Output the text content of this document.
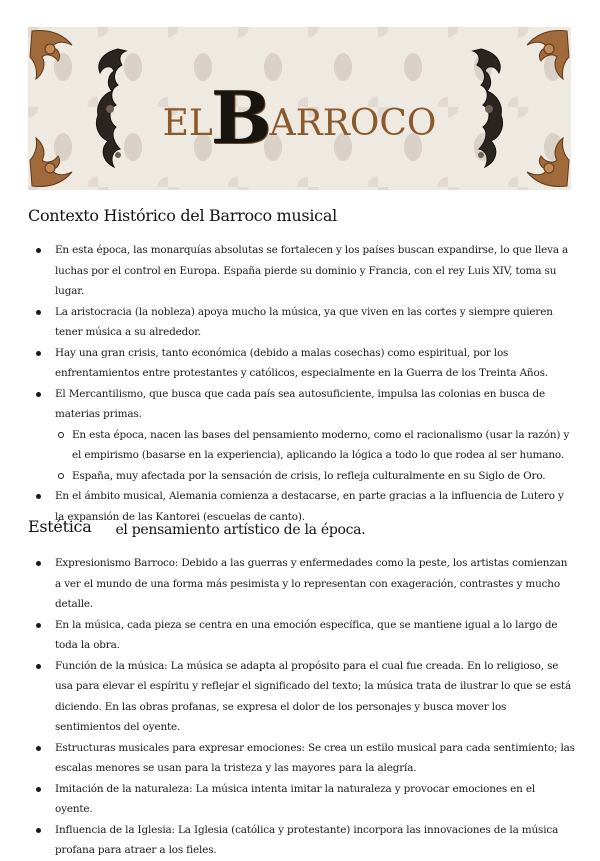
ELBARROCO
Contexto Histórico del Barroco musical
En esta época, las monarquías absolutas se fortalecen y los países buscan expandirse, lo que lleva a luchas por el control en Europa. España pierde su dominio y Francia, con el rey Luis XIV, toma su lugar.
La aristocracia (la nobleza) apoya mucho la música, ya que viven en las cortes y siempre quieren tener música a su alrededor.
Hay una gran crisis, tanto económica (debido a malas cosechas) como espiritual, por los enfrentamientos entre protestantes y católicos, especialmente en la Guerra de los Treinta Años.
El Mercantilismo, que busca que cada país sea autosuficiente, impulsa las colonias en busca de materias primas.
En esta época, nacen las bases del pensamiento moderno, como el racionalismo (usar la razón) y el empirismo (basarse en la experiencia), aplicando la lógica a todo lo que rodea al ser humano.
España, muy afectada por la sensación de crisis, lo refleja culturalmente en su Siglo de Oro.
En el ámbito musical, Alemania comienza a destacarse, en parte gracias a la influencia de Lutero y la expansión de las Kantorei (escuelas de canto).
Estética el pensamiento artístico de la época.
Expresionismo Barroco: Debido a las guerras y enfermedades como la peste, los artistas comienzan a ver el mundo de una forma más pesimista y lo representan con exageración, contrastes y mucho detalle.
En la música, cada pieza se centra en una emoción específica, que se mantiene igual a lo largo de toda la obra.
Función de la música: La música se adapta al propósito para el cual fue creada. En lo religioso, se usa para elevar el espíritu y reflejar el significado del texto; la música trata de ilustrar lo que se está diciendo. En las obras profanas, se expresa el dolor de los personajes y busca mover los sentimientos del oyente.
Estructuras musicales para expresar emociones: Se crea un estilo musical para cada sentimiento; las escalas menores se usan para la tristeza y las mayores para la alegría.
Imitación de la naturaleza: La música intenta imitar la naturaleza y provocar emociones en el oyente.
Influencia de la Iglesia: La Iglesia (católica y protestante) incorpora las innovaciones de la música profana para atraer a los fieles.
